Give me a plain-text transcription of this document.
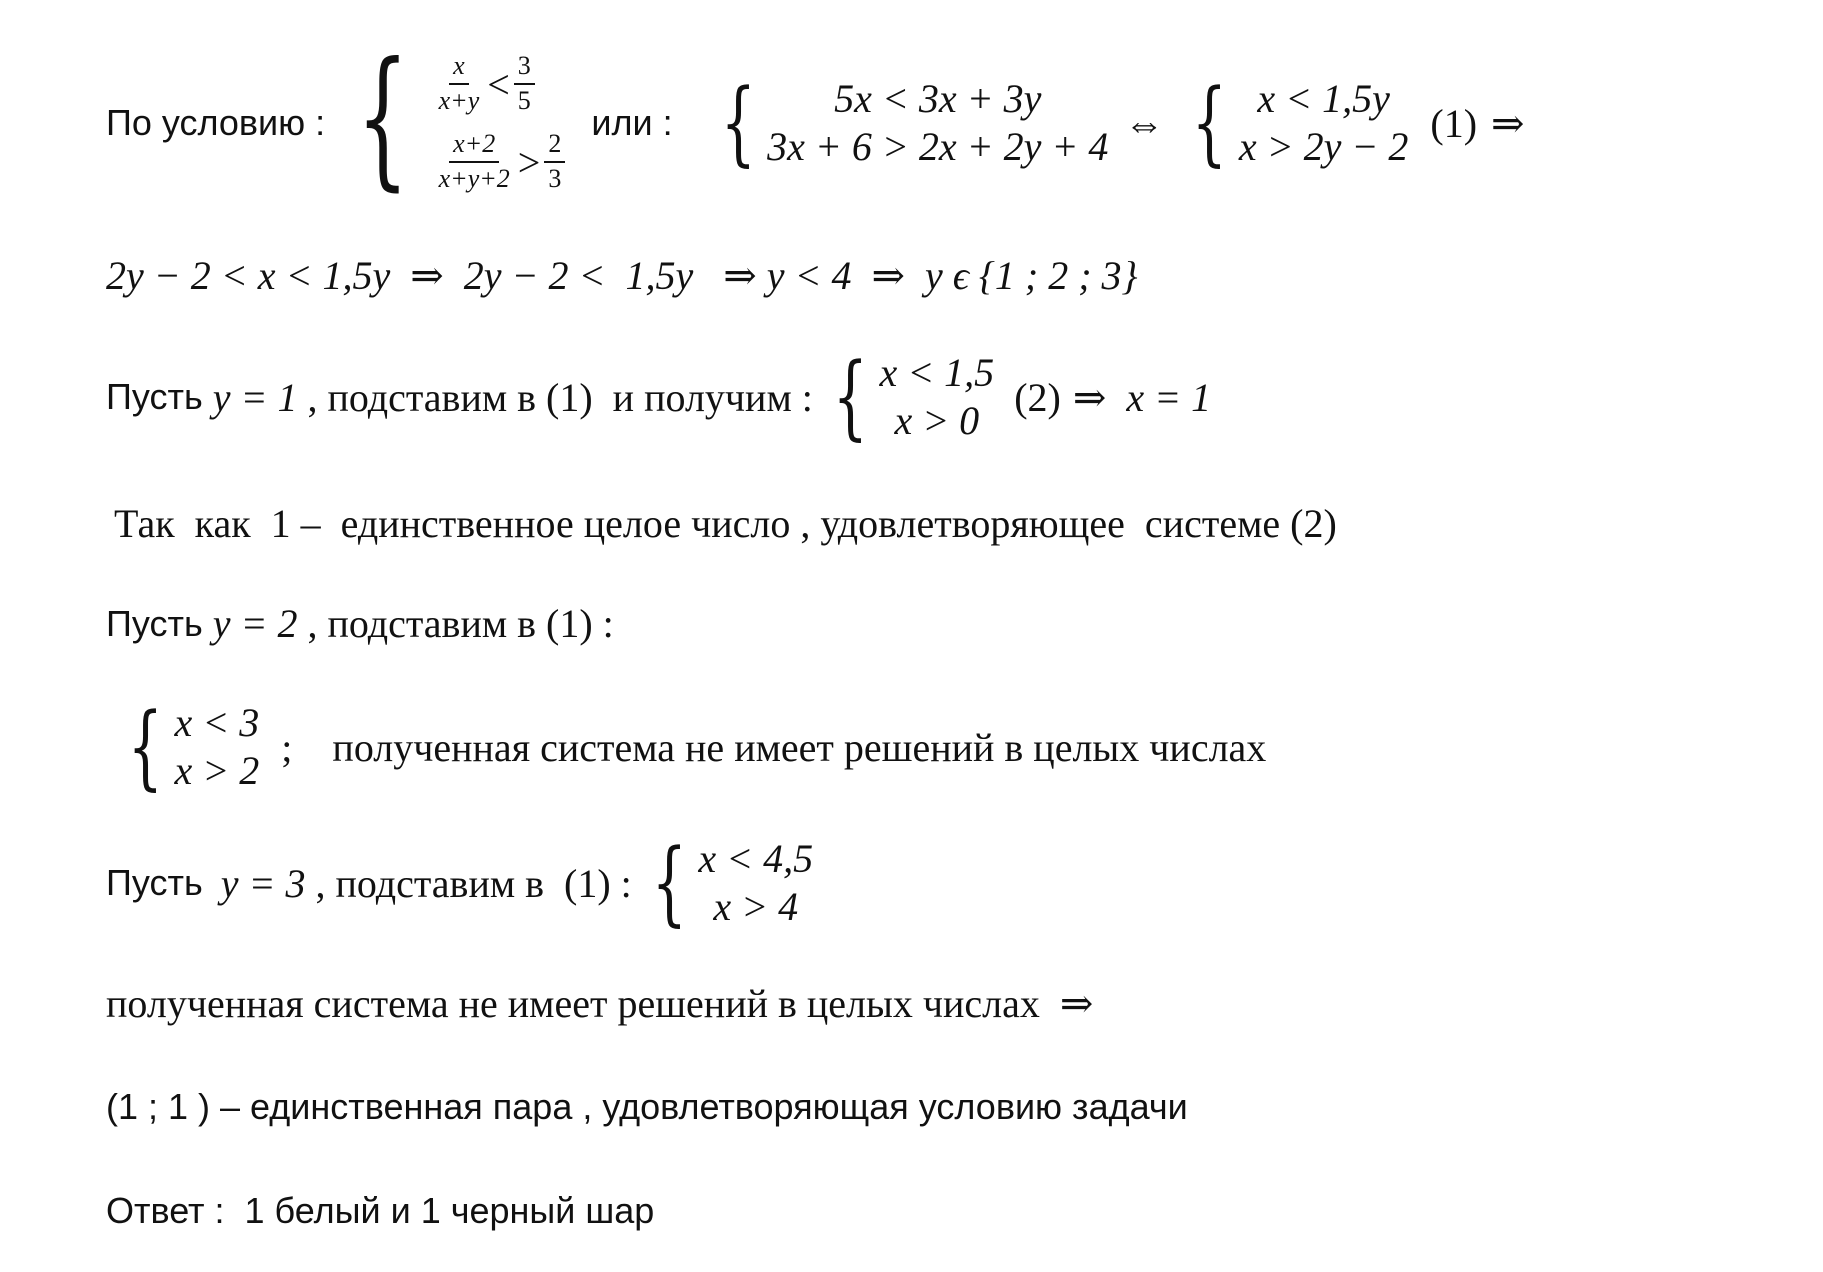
По условию : { $\frac{x}{x+y} < \frac{3}{5}$
$\frac{x+2}{x+y+2} > \frac{2}{3}$
или : {	5x < 3x + 3y
3x + 6 > 2x + 2y + 4
⇔ { x < 1,5y
x > 2y − 2
(1) ⇒
2y − 2 < x < 1,5y  ⇒  2y − 2 <  1,5y   ⇒ y < 4  ⇒  y ϵ {1 ; 2 ; 3}
Пусть y = 1 , подставим в (1)  и получим : { x < 1,5
x > 0
(2) ⇒  x = 1
Так  как  1 –  единственное целое число , удовлетворяющее  системе (2)
Пусть y = 2 , подставим в (1) :
{ x < 3
x > 2
;    полученная система не имеет решений в целых числах
Пусть y = 3 , подставим в  (1) : { x < 4,5
x > 4
полученная система не имеет решений в целых числах  ⇒
(1 ; 1 ) – единственная пара , удовлетворяющая условию задачи
Ответ :  1 белый и 1 черный шар
